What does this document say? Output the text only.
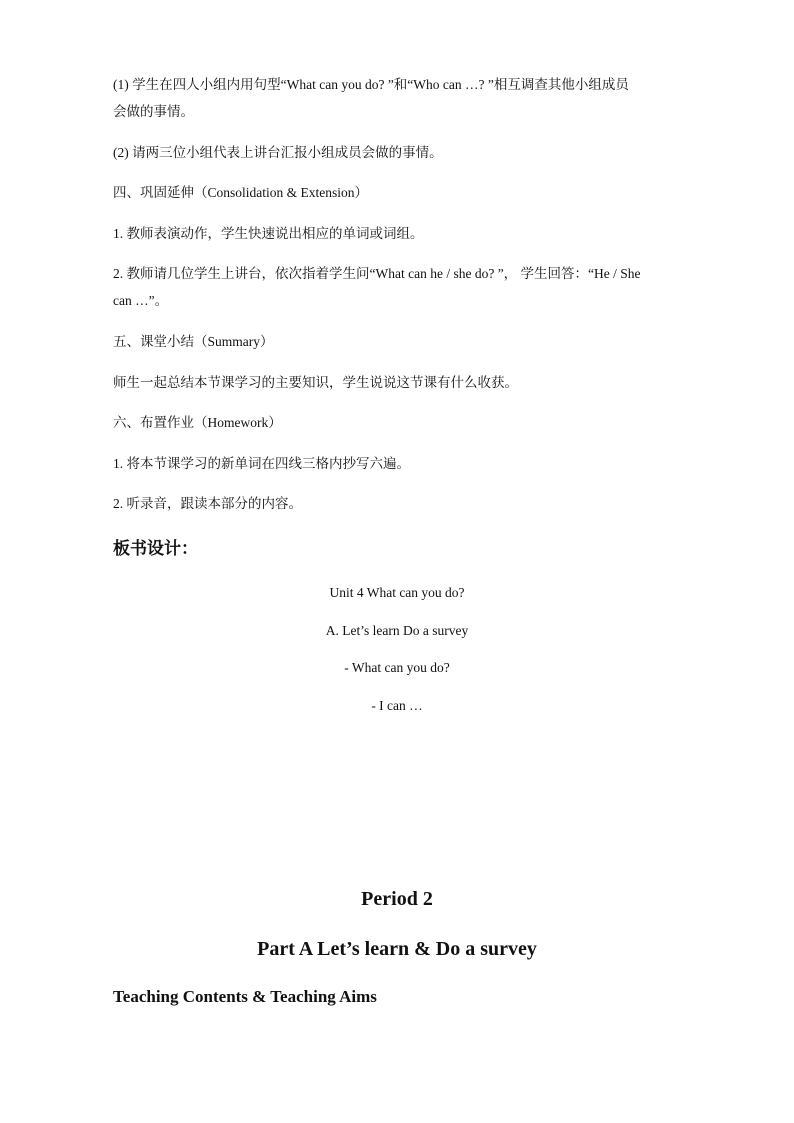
(1) 学生在四人小组内用句型“What can you do? ”和“Who can …? ”相互调查其他小组成员
会做的事情。
(2) 请两三位小组代表上讲台汇报小组成员会做的事情。
四、巩固延伸（Consolidation & Extension）
1. 教师表演动作，学生快速说出相应的单词或词组。
2. 教师请几位学生上讲台，依次指着学生问“What can he / she do? ”， 学生回答：“He / She
can …”。
五、课堂小结（Summary）
师生一起总结本节课学习的主要知识，学生说说这节课有什么收获。
六、布置作业（Homework）
1. 将本节课学习的新单词在四线三格内抄写六遍。
2. 听录音，跟读本部分的内容。
板书设计：
Unit 4 What can you do?
A. Let’s learn Do a survey
- What can you do?
- I can …
Period 2
Part A Let’s learn & Do a survey
Teaching Contents & Teaching Aims
